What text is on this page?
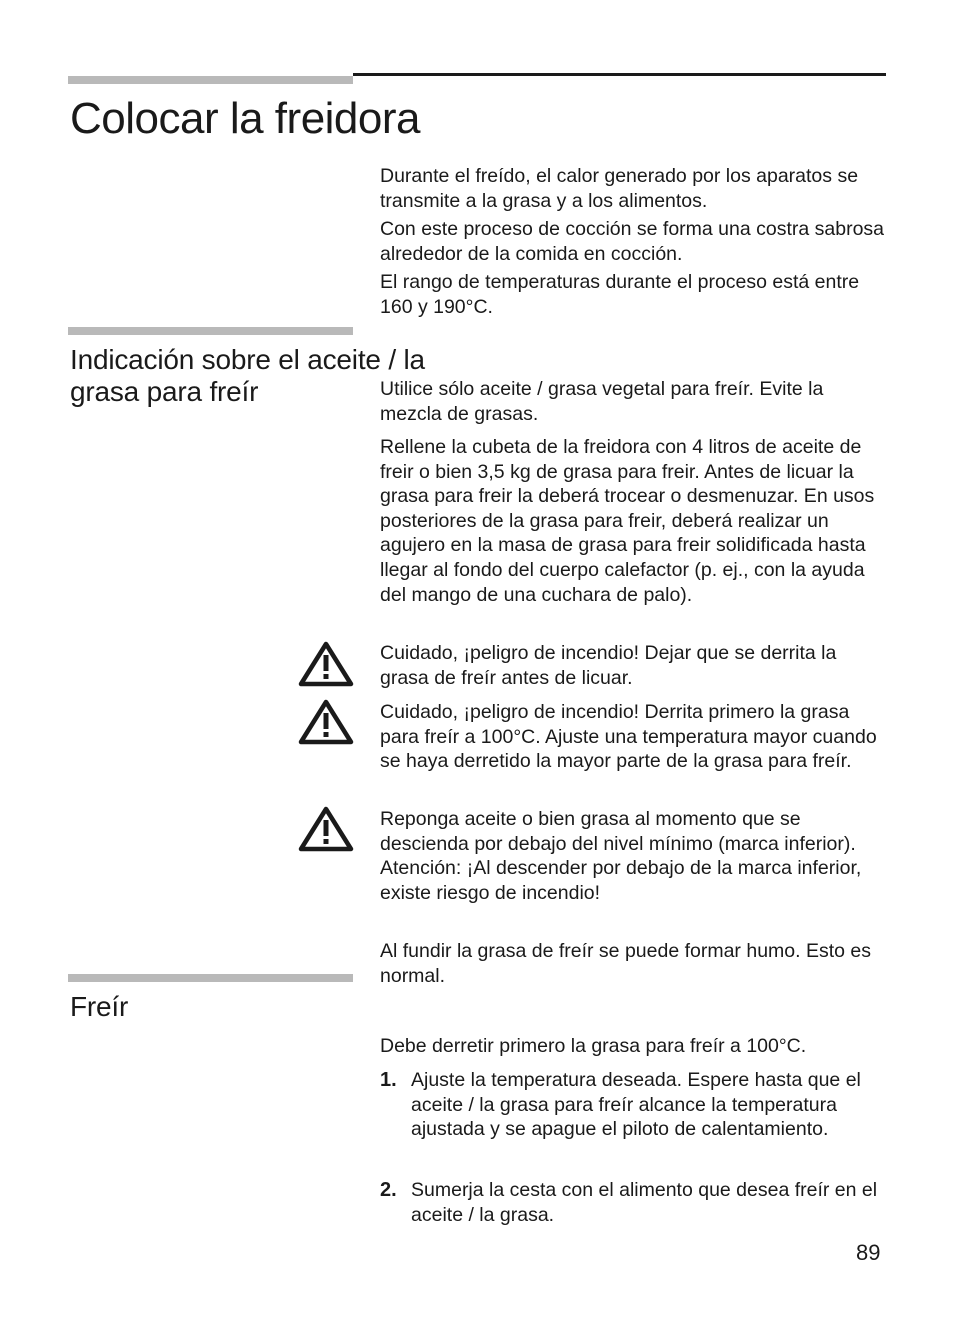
Colocar la freidora

Durante el freído, el calor generado por los aparatos se transmite a la grasa y a los alimentos.

Con este proceso de cocción se forma una costra sabrosa alrededor de la comida en cocción.

El rango de temperaturas durante el proceso está entre 160 y 190°C.

Indicación sobre el aceite / la grasa para freír	Utilice sólo aceite / grasa vegetal para freír. Evite la mezcla de grasas.

Rellene la cubeta de la freidora con 4 litros de aceite de freir o bien 3,5 kg de grasa para freir. Antes de licuar la grasa para freir la deberá trocear o desmenuzar. En usos posteriores de la grasa para freir, deberá realizar un agujero en la masa de grasa para freir solidificada hasta llegar al fondo del cuerpo calefactor (p. ej., con la ayuda del mango de una cuchara de palo).

Cuidado, ¡peligro de incendio! Dejar que se derrita la grasa de freír antes de licuar.

Cuidado, ¡peligro de incendio! Derrita primero la grasa para freír a 100°C. Ajuste una temperatura mayor cuando se haya derretido la mayor parte de la grasa para freír.

Reponga aceite o bien grasa al momento que se descienda por debajo del nivel mínimo (marca inferior).

Atención: ¡Al descender por debajo de la marca inferior, existe riesgo de incendio!

Al fundir la grasa de freír se puede formar humo. Esto es normal.

Freír

Debe derretir primero la grasa para freír a 100°C.

1. Ajuste la temperatura deseada. Espere hasta que el aceite / la grasa para freír alcance la temperatura ajustada y se apague el piloto de calentamiento.
2. Sumerja la cesta con el alimento que desea freír en el aceite / la grasa.
89
